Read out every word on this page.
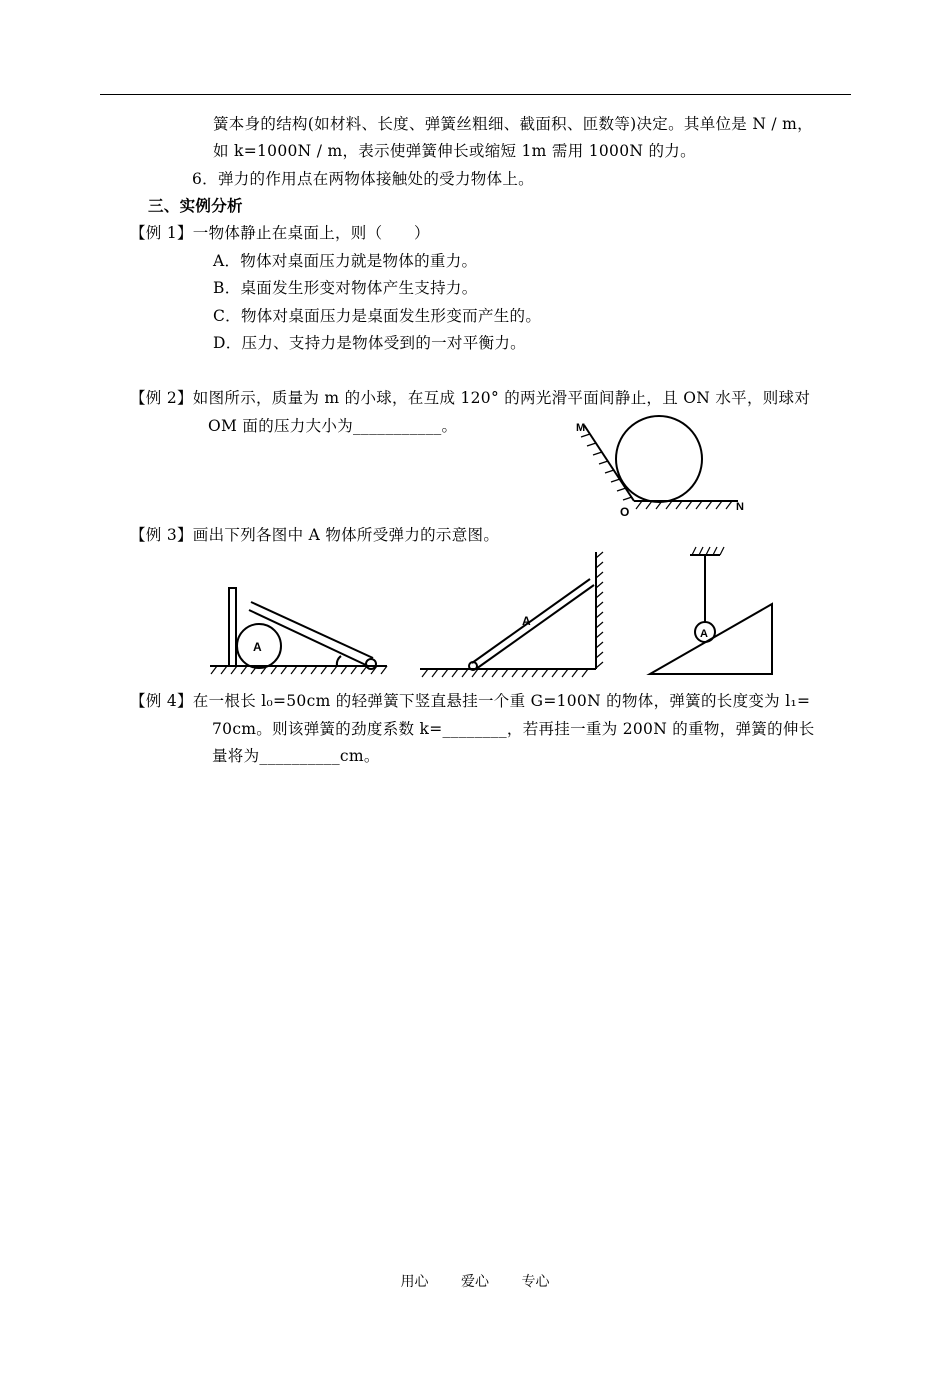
簧本身的结构(如材料、长度、弹簧丝粗细、截面积、匝数等)决定。其单位是 N / m，
如 k=1000N / m，表示使弹簧伸长或缩短 1m 需用 1000N 的力。
6．弹力的作用点在两物体接触处的受力物体上。
三、实例分析
【例 1】一物体静止在桌面上，则（　　）
A．物体对桌面压力就是物体的重力。
B．桌面发生形变对物体产生支持力。
C．物体对桌面压力是桌面发生形变而产生的。
D．压力、支持力是物体受到的一对平衡力。
【例 2】如图所示，质量为 m 的小球，在互成 120° 的两光滑平面间静止，且 ON 水平，则球对
OM 面的压力大小为___________。
【例 3】画出下列各图中 A 物体所受弹力的示意图。
【例 4】在一根长 l₀=50cm 的轻弹簧下竖直悬挂一个重 G=100N 的物体，弹簧的长度变为 l₁=
70cm。则该弹簧的劲度系数 k=________，若再挂一重为 200N 的重物，弹簧的伸长
量将为__________cm。
M
O	N
A
A
A
用心 爱心 专心
